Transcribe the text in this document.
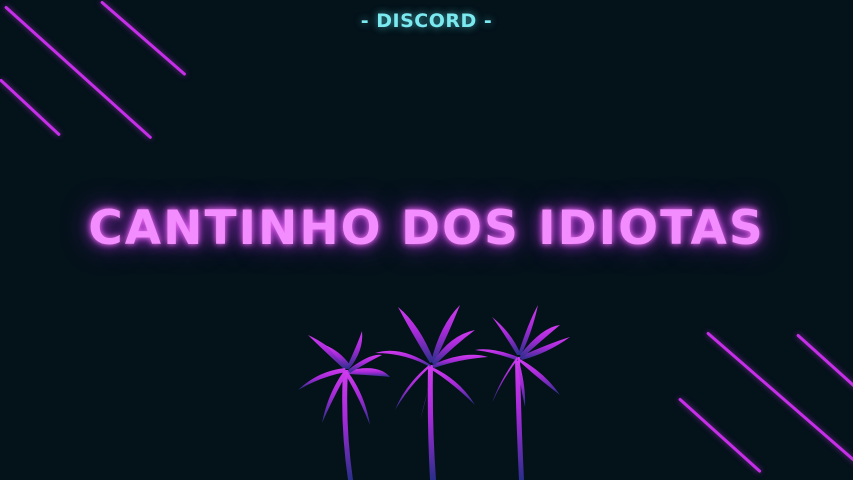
- DISCORD -
CANTINHO DOS IDIOTAS
